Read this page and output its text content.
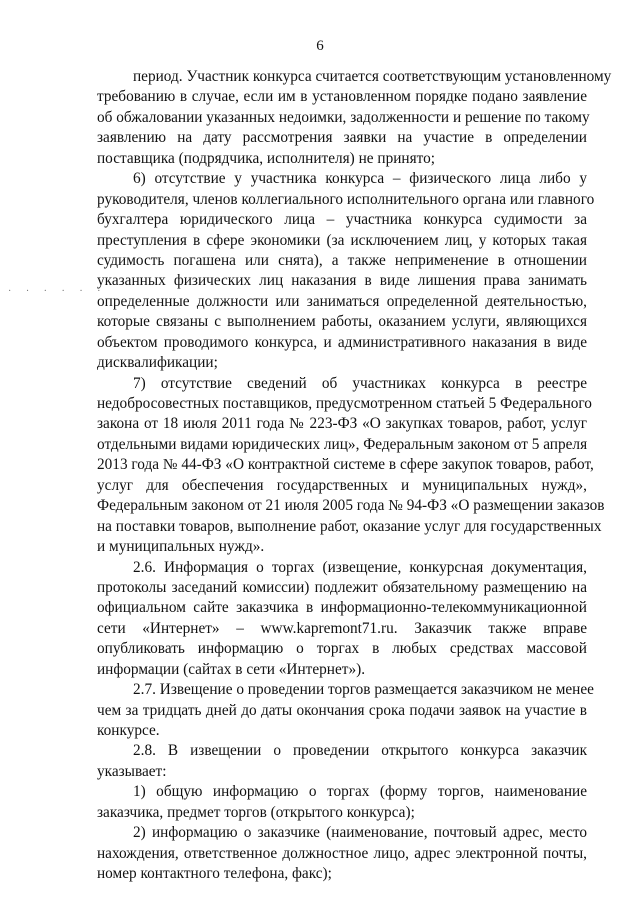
6
· · · · · ·
период. Участник конкурса считается соответствующим установленному
требованию в случае, если им в установленном порядке подано заявление
об обжаловании указанных недоимки, задолженности и решение по такому
заявлению на дату рассмотрения заявки на участие в определении
поставщика (подрядчика, исполнителя) не принято;
6) отсутствие у участника конкурса – физического лица либо у
руководителя, членов коллегиального исполнительного органа или главного
бухгалтера юридического лица – участника конкурса судимости за
преступления в сфере экономики (за исключением лиц, у которых такая
судимость погашена или снята), а также неприменение в отношении
указанных физических лиц наказания в виде лишения права занимать
определенные должности или заниматься определенной деятельностью,
которые связаны с выполнением работы, оказанием услуги, являющихся
объектом проводимого конкурса, и административного наказания в виде
дисквалификации;
7) отсутствие сведений об участниках конкурса в реестре
недобросовестных поставщиков, предусмотренном статьей 5 Федерального
закона от 18 июля 2011 года № 223-ФЗ «О закупках товаров, работ, услуг
отдельными видами юридических лиц», Федеральным законом от 5 апреля
2013 года № 44-ФЗ «О контрактной системе в сфере закупок товаров, работ,
услуг для обеспечения государственных и муниципальных нужд»,
Федеральным законом от 21 июля 2005 года № 94-ФЗ «О размещении заказов
на поставки товаров, выполнение работ, оказание услуг для государственных
и муниципальных нужд».
2.6. Информация о торгах (извещение, конкурсная документация,
протоколы заседаний комиссии) подлежит обязательному размещению на
официальном сайте заказчика в информационно-телекоммуникационной
сети «Интернет» – www.kapremont71.ru. Заказчик также вправе
опубликовать информацию о торгах в любых средствах массовой
информации (сайтах в сети «Интернет»).
2.7. Извещение о проведении торгов размещается заказчиком не менее
чем за тридцать дней до даты окончания срока подачи заявок на участие в
конкурсе.
2.8. В извещении о проведении открытого конкурса заказчик
указывает:
1) общую информацию о торгах (форму торгов, наименование
заказчика, предмет торгов (открытого конкурса);
2) информацию о заказчике (наименование, почтовый адрес, место
нахождения, ответственное должностное лицо, адрес электронной почты,
номер контактного телефона, факс);
